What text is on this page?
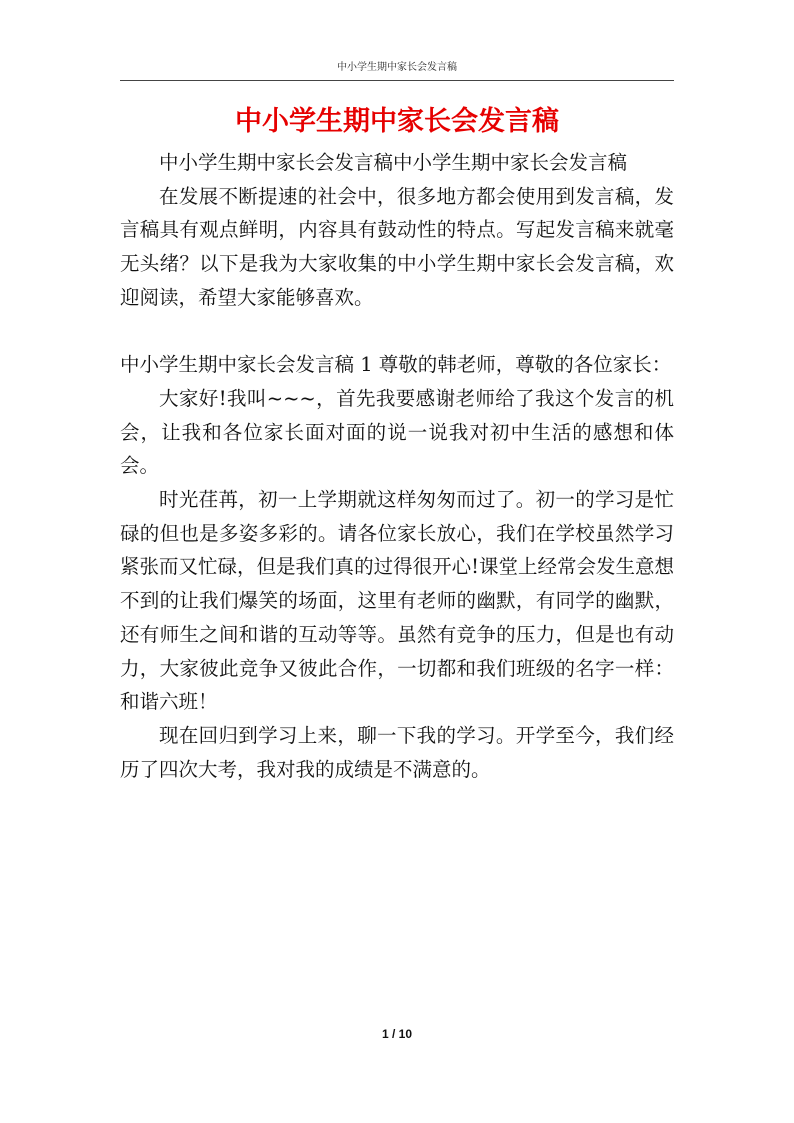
中小学生期中家长会发言稿
中小学生期中家长会发言稿

中小学生期中家长会发言稿中小学生期中家长会发言稿

在发展不断提速的社会中，很多地方都会使用到发言稿，发言稿具有观点鲜明，内容具有鼓动性的特点。写起发言稿来就毫无头绪？以下是我为大家收集的中小学生期中家长会发言稿，欢迎阅读，希望大家能够喜欢。

中小学生期中家长会发言稿 1 尊敬的韩老师，尊敬的各位家长：

大家好!我叫~~~，首先我要感谢老师给了我这个发言的机会，让我和各位家长面对面的说一说我对初中生活的感想和体会。

时光荏苒，初一上学期就这样匆匆而过了。初一的学习是忙碌的但也是多姿多彩的。请各位家长放心，我们在学校虽然学习紧张而又忙碌，但是我们真的过得很开心!课堂上经常会发生意想不到的让我们爆笑的场面，这里有老师的幽默，有同学的幽默，还有师生之间和谐的互动等等。虽然有竞争的压力，但是也有动力，大家彼此竞争又彼此合作，一切都和我们班级的名字一样：和谐六班！

现在回归到学习上来，聊一下我的学习。开学至今，我们经历了四次大考，我对我的成绩是不满意的。

1 / 10
